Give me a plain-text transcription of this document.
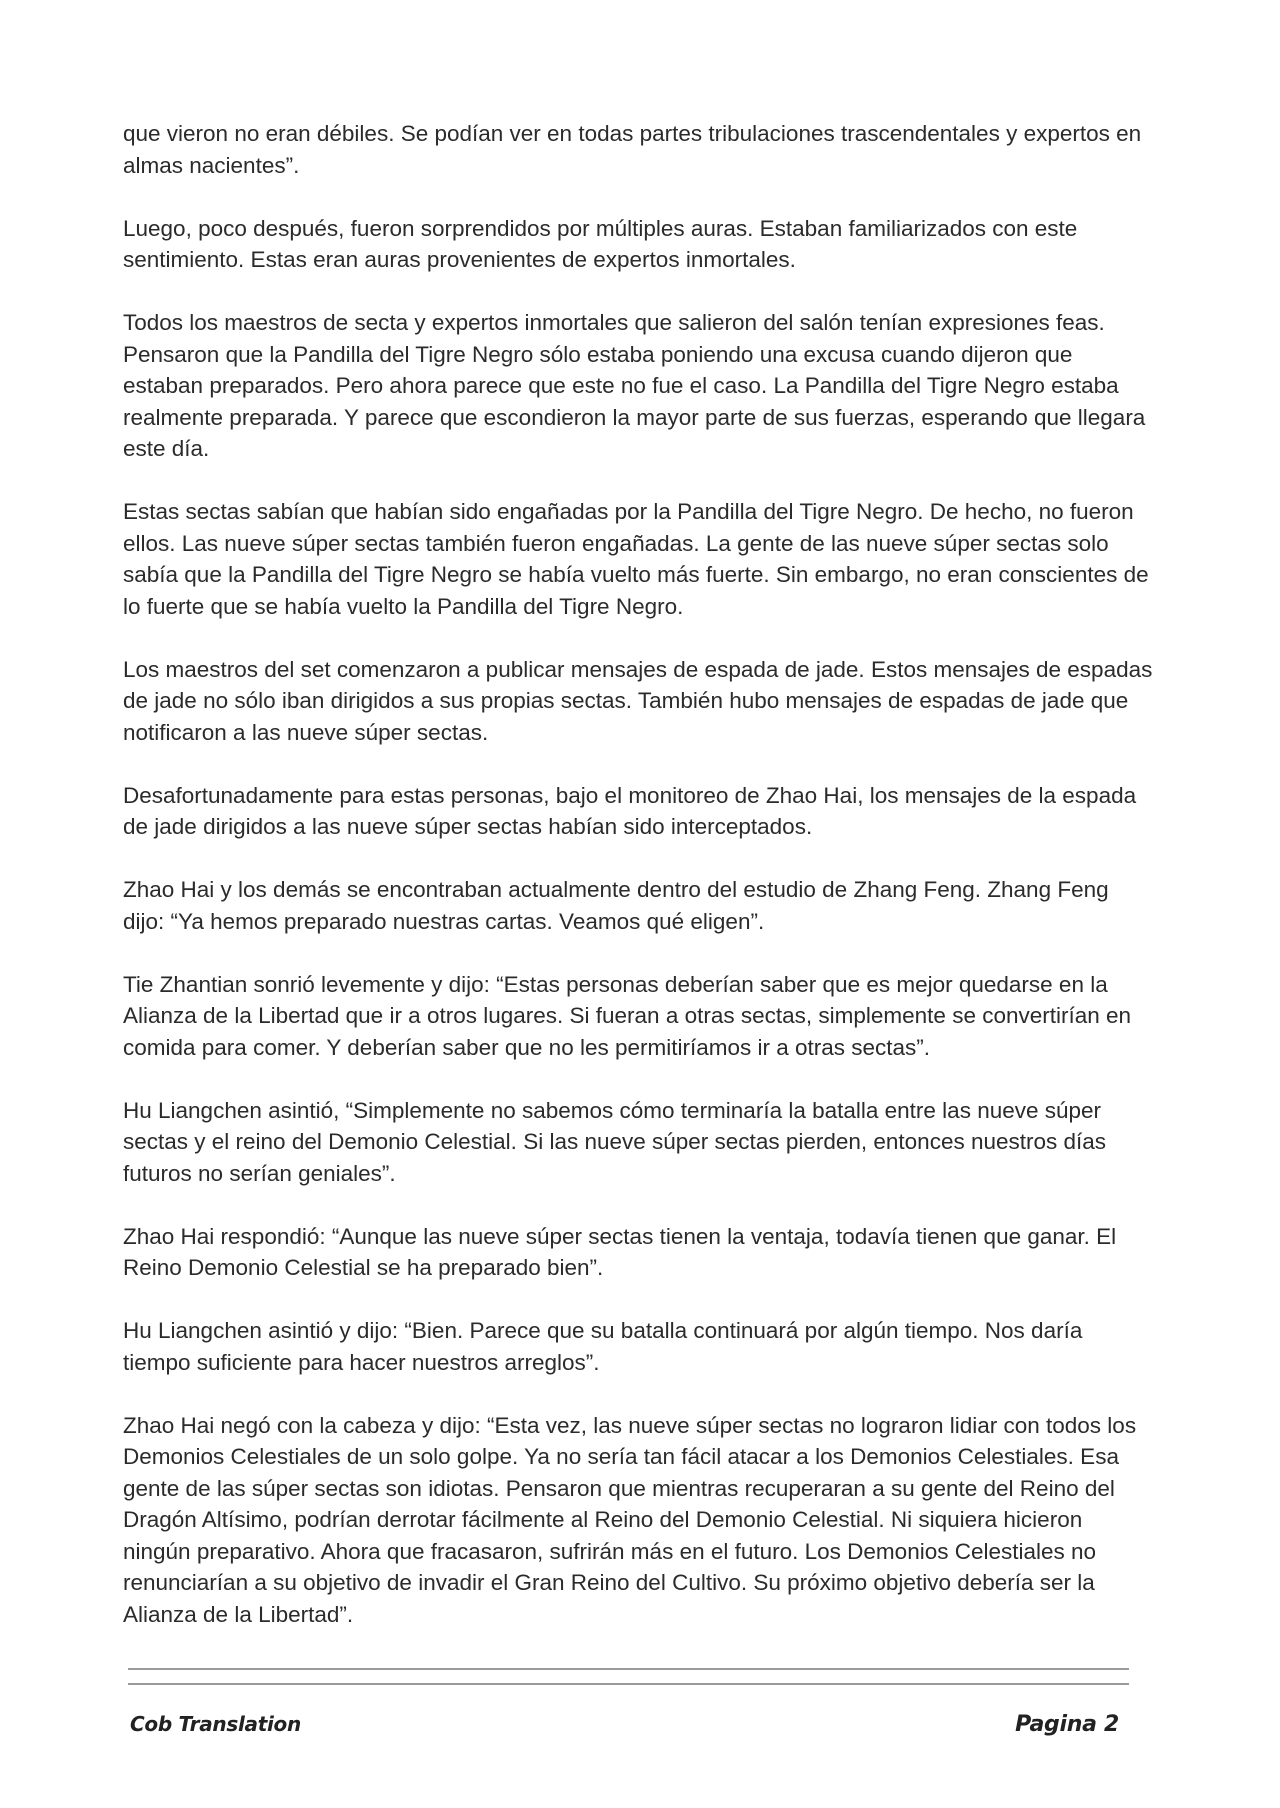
que vieron no eran débiles. Se podían ver en todas partes tribulaciones trascendentales y expertos en almas nacientes”.

Luego, poco después, fueron sorprendidos por múltiples auras. Estaban familiarizados con este sentimiento. Estas eran auras provenientes de expertos inmortales.

Todos los maestros de secta y expertos inmortales que salieron del salón tenían expresiones feas. Pensaron que la Pandilla del Tigre Negro sólo estaba poniendo una excusa cuando dijeron que estaban preparados. Pero ahora parece que este no fue el caso. La Pandilla del Tigre Negro estaba realmente preparada. Y parece que escondieron la mayor parte de sus fuerzas, esperando que llegara este día.

Estas sectas sabían que habían sido engañadas por la Pandilla del Tigre Negro. De hecho, no fueron ellos. Las nueve súper sectas también fueron engañadas. La gente de las nueve súper sectas solo sabía que la Pandilla del Tigre Negro se había vuelto más fuerte. Sin embargo, no eran conscientes de lo fuerte que se había vuelto la Pandilla del Tigre Negro.

Los maestros del set comenzaron a publicar mensajes de espada de jade. Estos mensajes de espadas de jade no sólo iban dirigidos a sus propias sectas. También hubo mensajes de espadas de jade que notificaron a las nueve súper sectas.

Desafortunadamente para estas personas, bajo el monitoreo de Zhao Hai, los mensajes de la espada de jade dirigidos a las nueve súper sectas habían sido interceptados.

Zhao Hai y los demás se encontraban actualmente dentro del estudio de Zhang Feng. Zhang Feng dijo: “Ya hemos preparado nuestras cartas. Veamos qué eligen”.

Tie Zhantian sonrió levemente y dijo: “Estas personas deberían saber que es mejor quedarse en la Alianza de la Libertad que ir a otros lugares. Si fueran a otras sectas, simplemente se convertirían en comida para comer. Y deberían saber que no les permitiríamos ir a otras sectas”.

Hu Liangchen asintió, “Simplemente no sabemos cómo terminaría la batalla entre las nueve súper sectas y el reino del Demonio Celestial. Si las nueve súper sectas pierden, entonces nuestros días futuros no serían geniales”.

Zhao Hai respondió: “Aunque las nueve súper sectas tienen la ventaja, todavía tienen que ganar. El Reino Demonio Celestial se ha preparado bien”.

Hu Liangchen asintió y dijo: “Bien. Parece que su batalla continuará por algún tiempo. Nos daría tiempo suficiente para hacer nuestros arreglos”.

Zhao Hai negó con la cabeza y dijo: “Esta vez, las nueve súper sectas no lograron lidiar con todos los Demonios Celestiales de un solo golpe. Ya no sería tan fácil atacar a los Demonios Celestiales. Esa gente de las súper sectas son idiotas. Pensaron que mientras recuperaran a su gente del Reino del Dragón Altísimo, podrían derrotar fácilmente al Reino del Demonio Celestial. Ni siquiera hicieron ningún preparativo. Ahora que fracasaron, sufrirán más en el futuro. Los Demonios Celestiales no renunciarían a su objetivo de invadir el Gran Reino del Cultivo. Su próximo objetivo debería ser la Alianza de la Libertad”.

Cob Translation	Pagina 2
